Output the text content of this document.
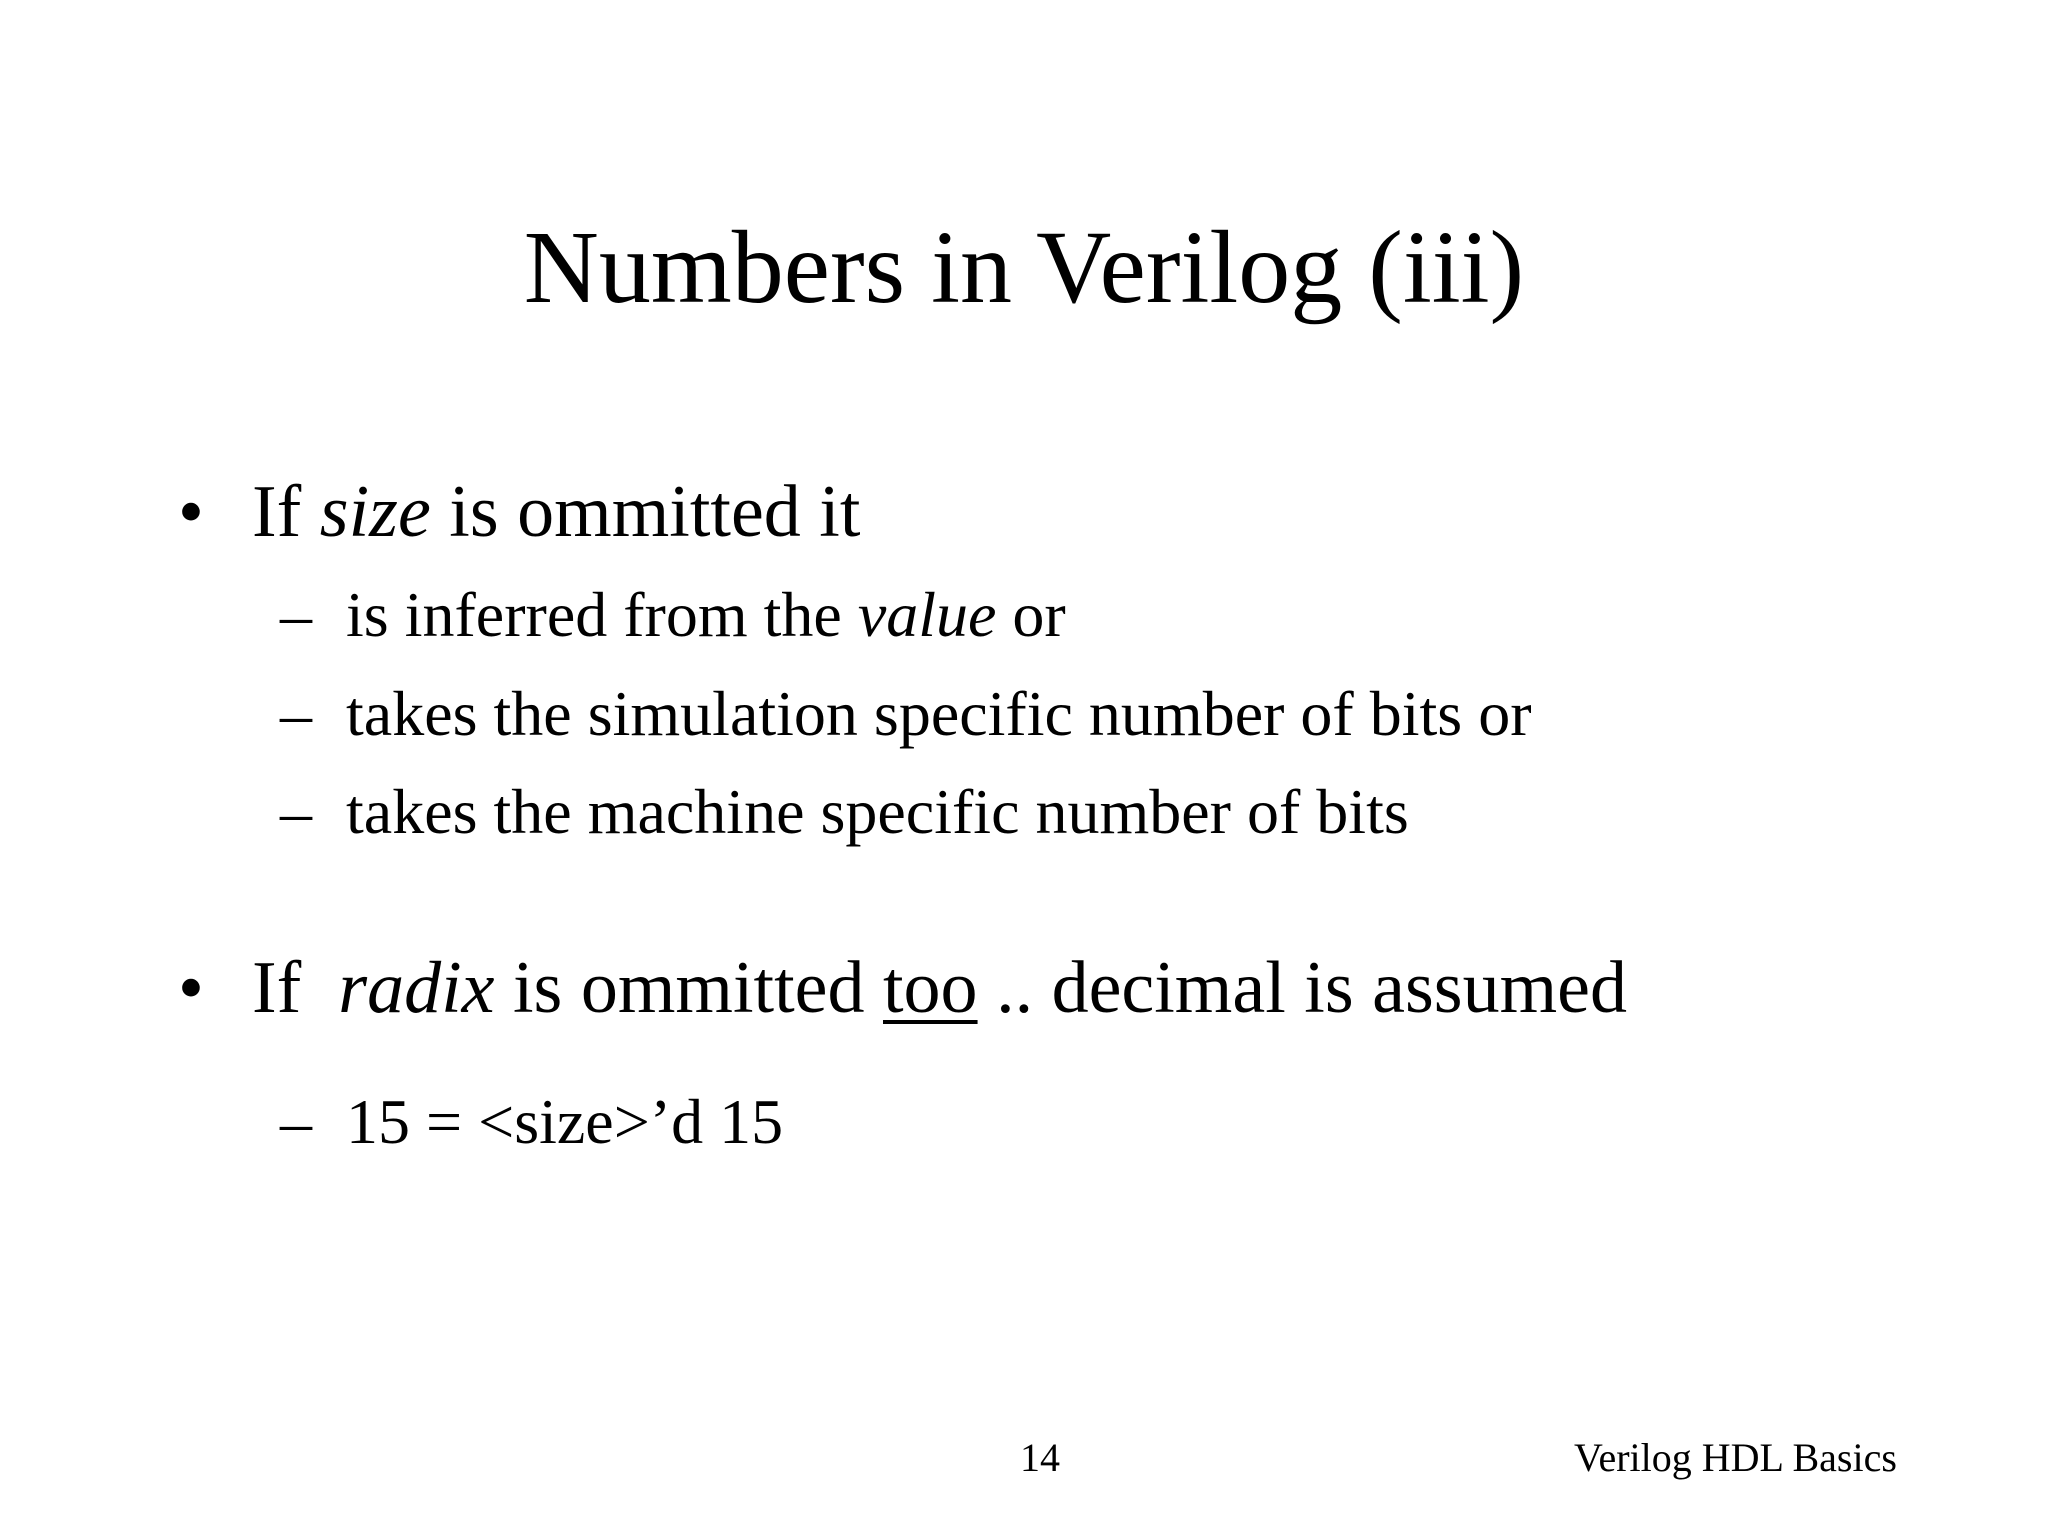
Numbers in Verilog (iii)
• If size is ommitted it
– is inferred from the value or
– takes the simulation specific number of bits or
– takes the machine specific number of bits
• If  radix is ommitted too .. decimal is assumed
– 15 = <size>’d 15
14	Verilog HDL Basics
